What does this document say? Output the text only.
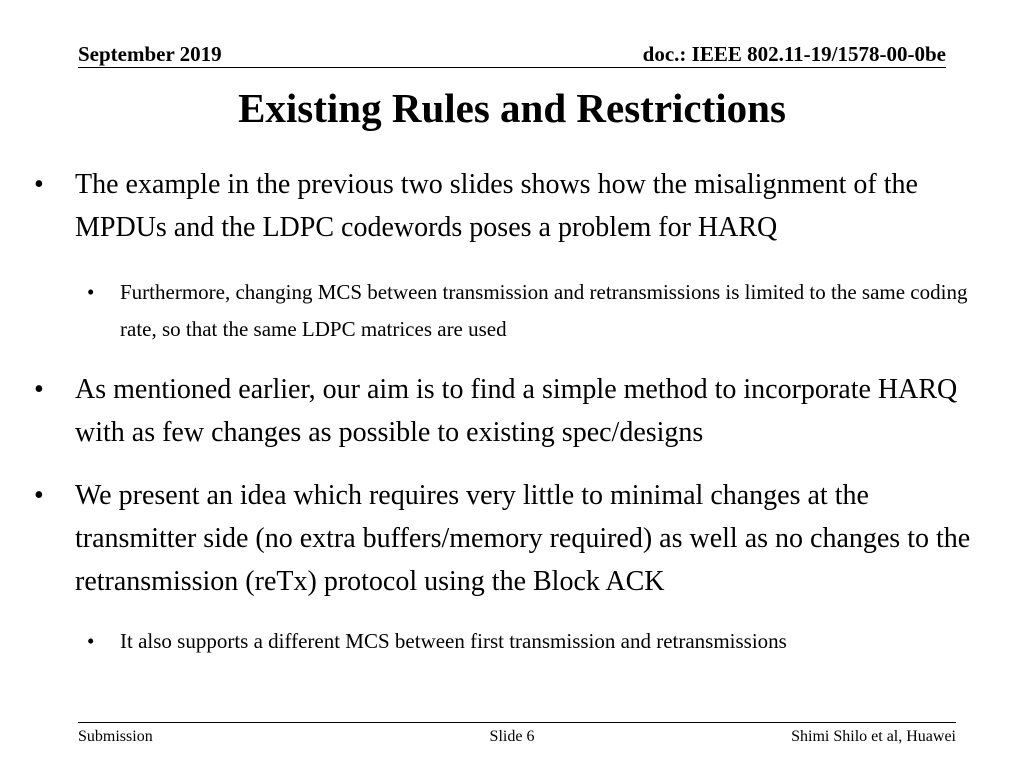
September 2019	doc.: IEEE 802.11-19/1578-00-0be
Existing Rules and Restrictions
• The example in the previous two slides shows how the misalignment of the MPDUs and the LDPC codewords poses a problem for HARQ
• Furthermore, changing MCS between transmission and retransmissions is limited to the same coding rate, so that the same LDPC matrices are used
• As mentioned earlier, our aim is to find a simple method to incorporate HARQ with as few changes as possible to existing spec/designs
• We present an idea which requires very little to minimal changes at the transmitter side (no extra buffers/memory required) as well as no changes to the retransmission (reTx) protocol using the Block ACK
• It also supports a different MCS between first transmission and retransmissions
Submission	Slide 6	Shimi Shilo et al, Huawei
